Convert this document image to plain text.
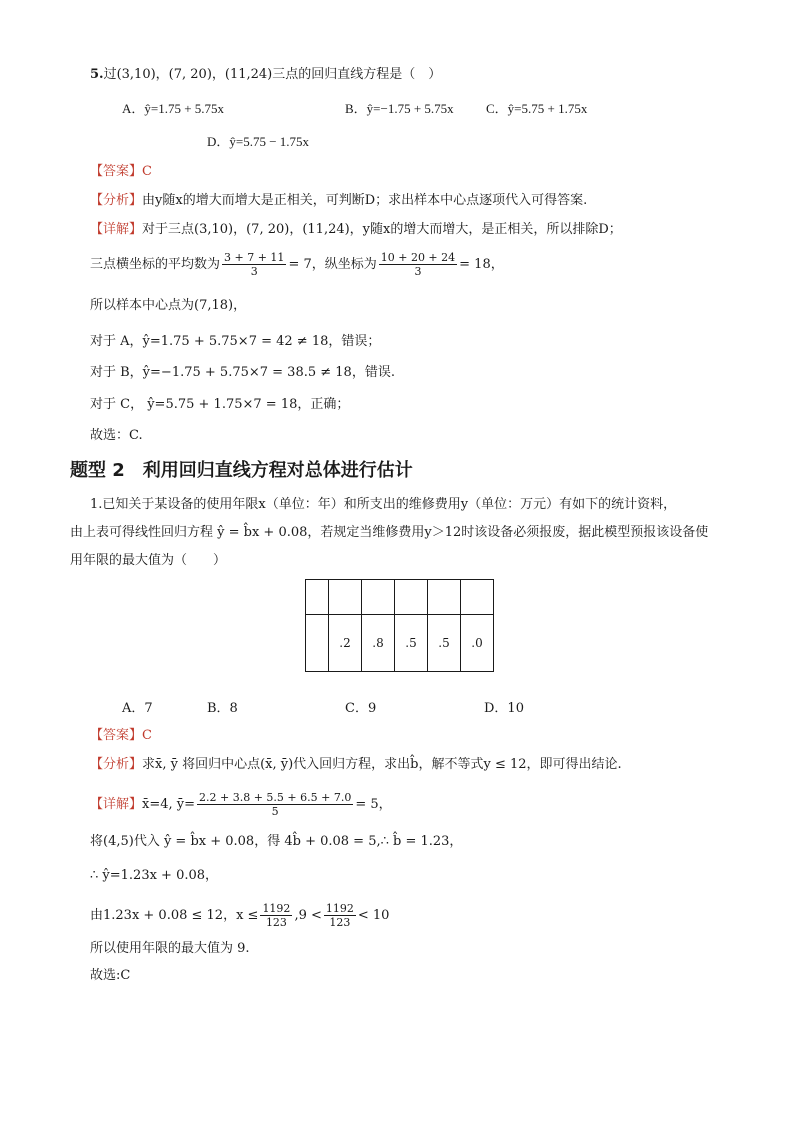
5.过(3,10)，(7, 20)，(11,24)三点的回归直线方程是（　）
A．ŷ=1.75 + 5.75x	B．ŷ=−1.75 + 5.75x C．ŷ=5.75 + 1.75x
D．ŷ=5.75 − 1.75x
【答案】C
【分析】由y随x的增大而增大是正相关，可判断D；求出样本中心点逐项代入可得答案.
【详解】对于三点(3,10)，(7, 20)，(11,24)，y随x的增大而增大，是正相关，所以排除D；
三点横坐标的平均数为 $\frac{3 + 7 + 11}{3} = 7$，纵坐标为 $\frac{10 + 20 + 24}{3} = 18$，
所以样本中心点为(7,18)，
对于 A，ŷ=1.75 + 5.75×7 = 42 ≠ 18，错误；
对于 B，ŷ=−1.75 + 5.75×7 = 38.5 ≠ 18，错误.
对于 C， ŷ=5.75 + 1.75×7 = 18，正确；
故选：C.
题型 2　利用回归直线方程对总体进行估计
1.已知关于某设备的使用年限x（单位：年）和所支出的维修费用y（单位：万元）有如下的统计资料，
由上表可得线性回归方程 ŷ = b̂x + 0.08，若规定当维修费用y＞12时该设备必须报废，据此模型预报该设备使
用年限的最大值为（　　）

	.2	.8	.5	.5	.0
A．7	B．8	C．9	D．10
【答案】C
【分析】求x̄, ȳ 将回归中心点(x̄, ȳ)代入回归方程，求出b̂，解不等式y ≤ 12，即可得出结论.
【详解】x̄=4, ȳ= $\frac{2.2 + 3.8 + 5.5 + 6.5 + 7.0}{5} = 5$，
将(4,5)代入 ŷ = b̂x + 0.08，得 4b̂ + 0.08 = 5,∴ b̂ = 1.23，
∴ ŷ=1.23x + 0.08，
由1.23x + 0.08 ≤ 12，$x \le \frac{1192}{123} ,9 < \frac{1192}{123} < 10$
所以使用年限的最大值为 9.
故选:C
